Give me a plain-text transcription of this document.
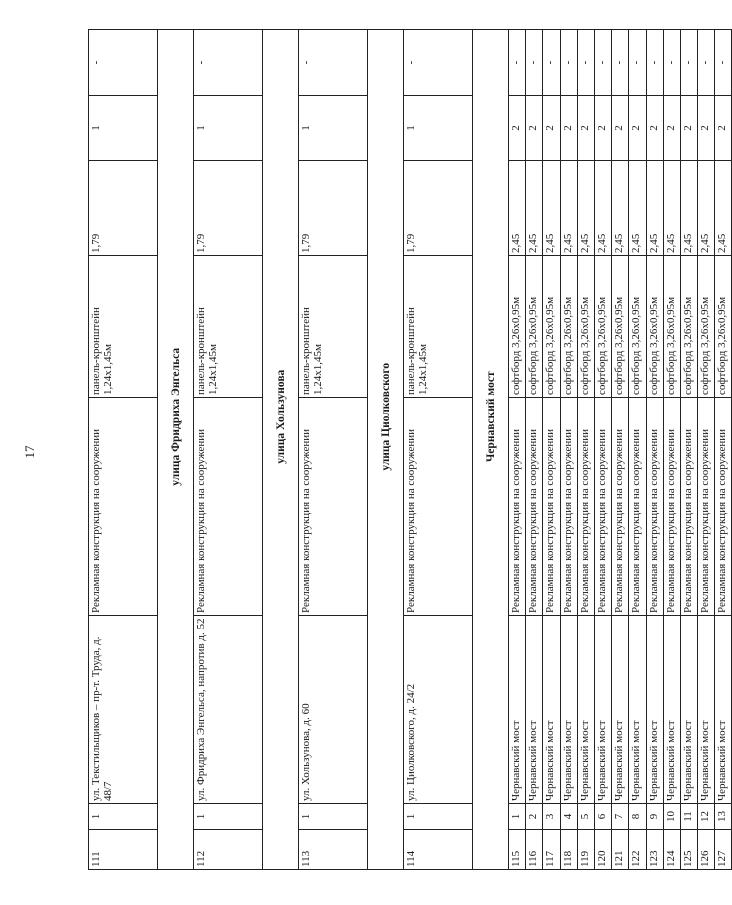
17
111	1	ул. Текстильщиков – пр-т. Труда, д. 48/7	Рекламная конструкция на сооружении	панель-кронштейн 1,24х1,45м	1,79	1	-
		улица Фридриха Энгельса					
112	1	ул. Фридриха Энгельса, напротив д. 52	Рекламная конструкция на сооружении	панель-кронштейн 1,24х1,45м	1,79	1	-
		улица Хользунова					
113	1	ул. Хользунова, д. 60	Рекламная конструкция на сооружении	панель-кронштейн 1,24х1,45м	1,79	1	-
		улица Циолковского					
114	1	ул. Циолковского, д. 24/2	Рекламная конструкция на сооружении	панель-кронштейн 1,24х1,45м	1,79	1	-
		Чернавский мост					
115	1	Чернавский мост	Рекламная конструкция на сооружении	софтборд 3,26х0,95м	2,45	2	-
116	2	Чернавский мост	Рекламная конструкция на сооружении	софтборд 3,26х0,95м	2,45	2	-
117	3	Чернавский мост	Рекламная конструкция на сооружении	софтборд 3,26х0,95м	2,45	2	-
118	4	Чернавский мост	Рекламная конструкция на сооружении	софтборд 3,26х0,95м	2,45	2	-
119	5	Чернавский мост	Рекламная конструкция на сооружении	софтборд 3,26х0,95м	2,45	2	-
120	6	Чернавский мост	Рекламная конструкция на сооружении	софтборд 3,26х0,95м	2,45	2	-
121	7	Чернавский мост	Рекламная конструкция на сооружении	софтборд 3,26х0,95м	2,45	2	-
122	8	Чернавский мост	Рекламная конструкция на сооружении	софтборд 3,26х0,95м	2,45	2	-
123	9	Чернавский мост	Рекламная конструкция на сооружении	софтборд 3,26х0,95м	2,45	2	-
124	10	Чернавский мост	Рекламная конструкция на сооружении	софтборд 3,26х0,95м	2,45	2	-
125	11	Чернавский мост	Рекламная конструкция на сооружении	софтборд 3,26х0,95м	2,45	2	-
126	12	Чернавский мост	Рекламная конструкция на сооружении	софтборд 3,26х0,95м	2,45	2	-
127	13	Чернавский мост	Рекламная конструкция на сооружении	софтборд 3,26х0,95м	2,45	2	-
